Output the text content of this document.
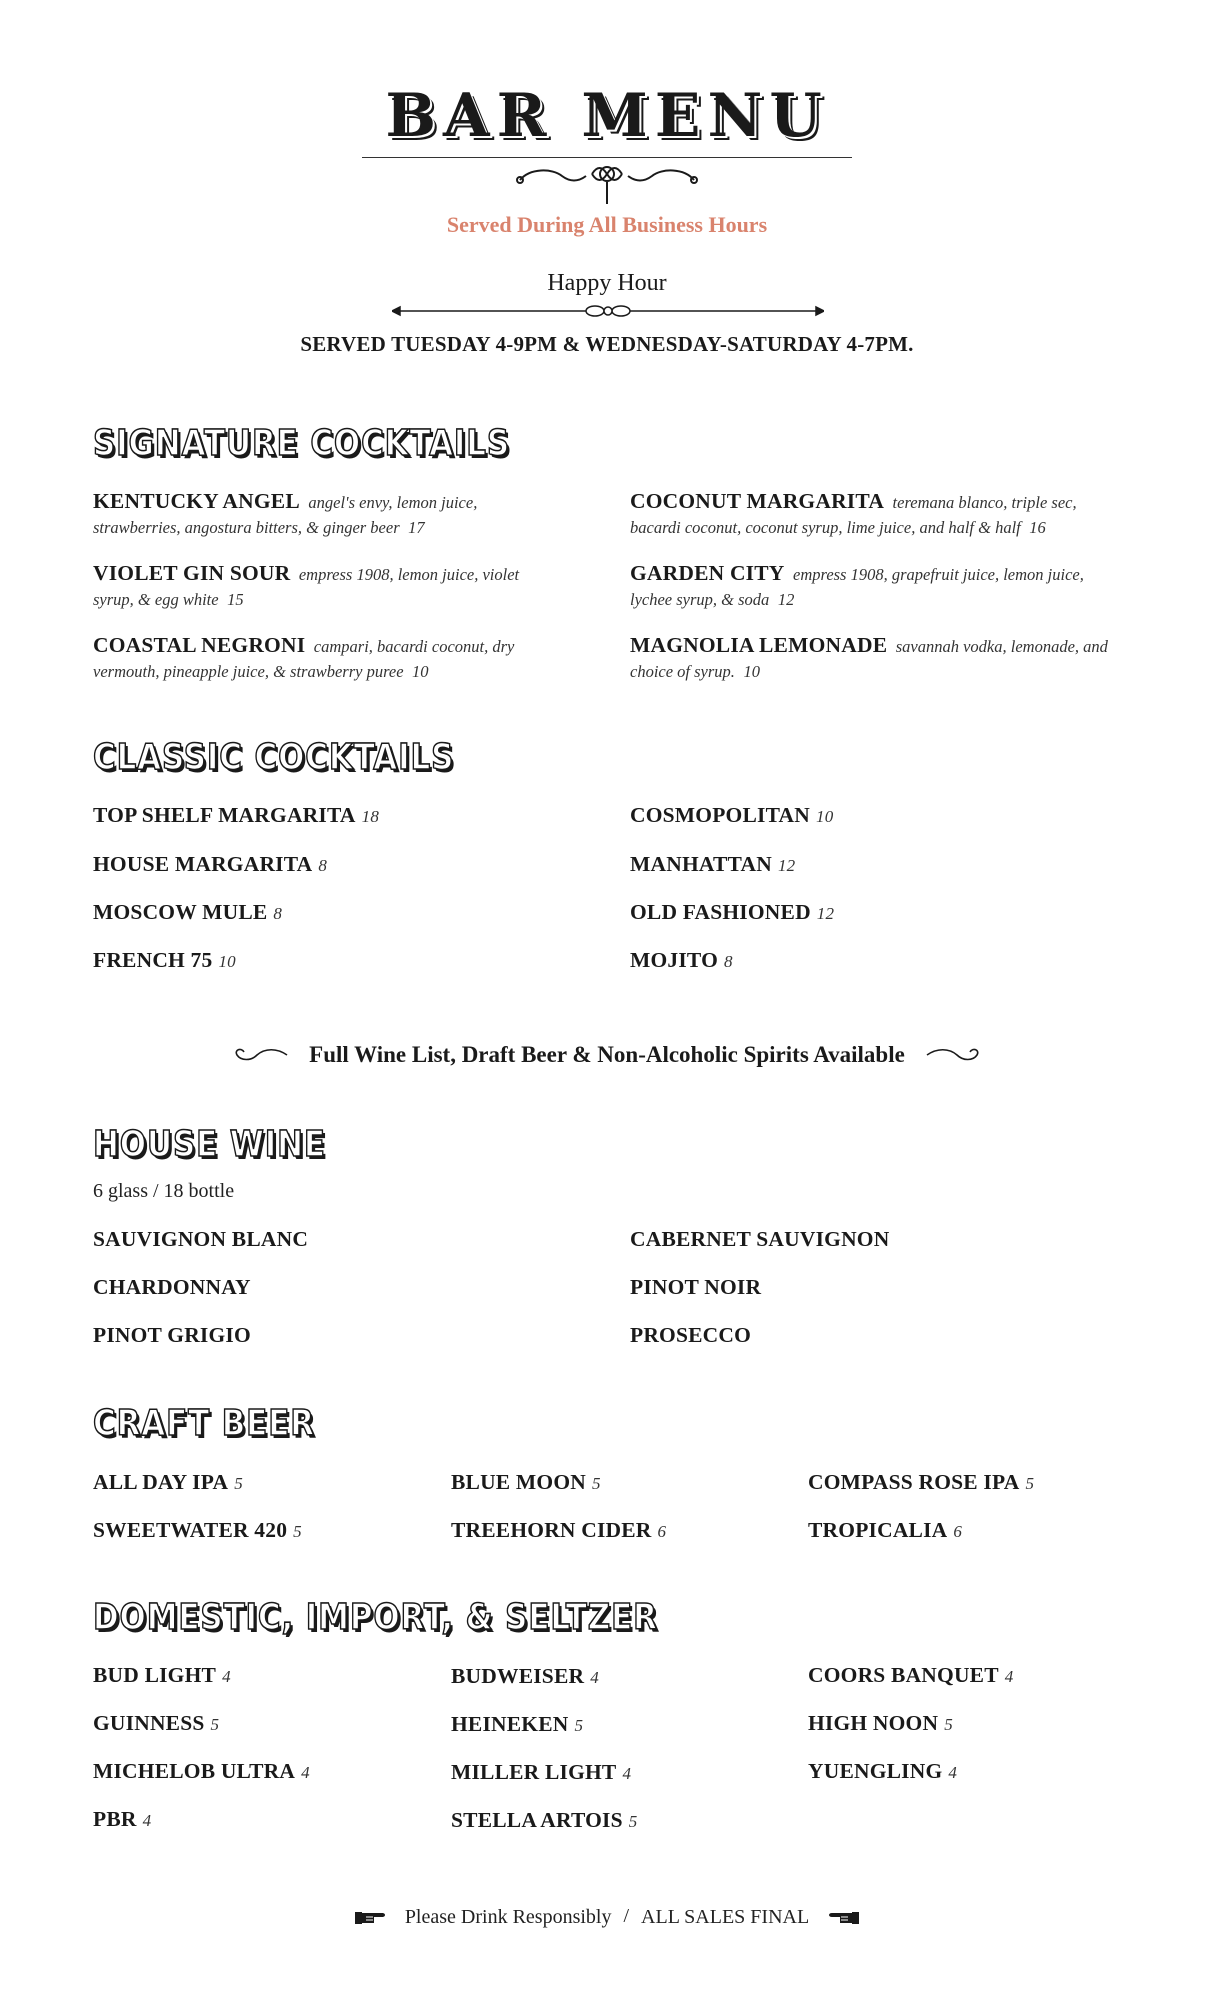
BAR MENU
Served During All Business Hours
Happy Hour
SERVED TUESDAY 4-9PM & WEDNESDAY-SATURDAY 4-7PM.
SIGNATURE COCKTAILS
KENTUCKY ANGEL angel's envy, lemon juice, strawberries, angostura bitters, & ginger beer 17
COCONUT MARGARITA teremana blanco, triple sec, bacardi coconut, coconut syrup, lime juice, and half & half 16
VIOLET GIN SOUR empress 1908, lemon juice, violet syrup, & egg white 15
GARDEN CITY empress 1908, grapefruit juice, lemon juice, lychee syrup, & soda 12
COASTAL NEGRONI campari, bacardi coconut, dry vermouth, pineapple juice, & strawberry puree 10
MAGNOLIA LEMONADE savannah vodka, lemonade, and choice of syrup. 10
CLASSIC COCKTAILS
TOP SHELF MARGARITA 18	COSMOPOLITAN 10
HOUSE MARGARITA 8	MANHATTAN 12
MOSCOW MULE 8	OLD FASHIONED 12
FRENCH 75 10	MOJITO 8
Full Wine List, Draft Beer & Non-Alcoholic Spirits Available
HOUSE WINE
6 glass / 18 bottle
SAUVIGNON BLANC	CABERNET SAUVIGNON
CHARDONNAY	PINOT NOIR
PINOT GRIGIO	PROSECCO
CRAFT BEER
ALL DAY IPA 5	BLUE MOON 5	COMPASS ROSE IPA 5
SWEETWATER 420 5	TREEHORN CIDER 6	TROPICALIA 6
DOMESTIC, IMPORT, & SELTZER
BUD LIGHT 4	BUDWEISER 4	COORS BANQUET 4
GUINNESS 5	HEINEKEN 5	HIGH NOON 5
MICHELOB ULTRA 4	MILLER LIGHT 4	YUENGLING 4
PBR 4	STELLA ARTOIS 5
Please Drink Responsibly / ALL SALES FINAL
